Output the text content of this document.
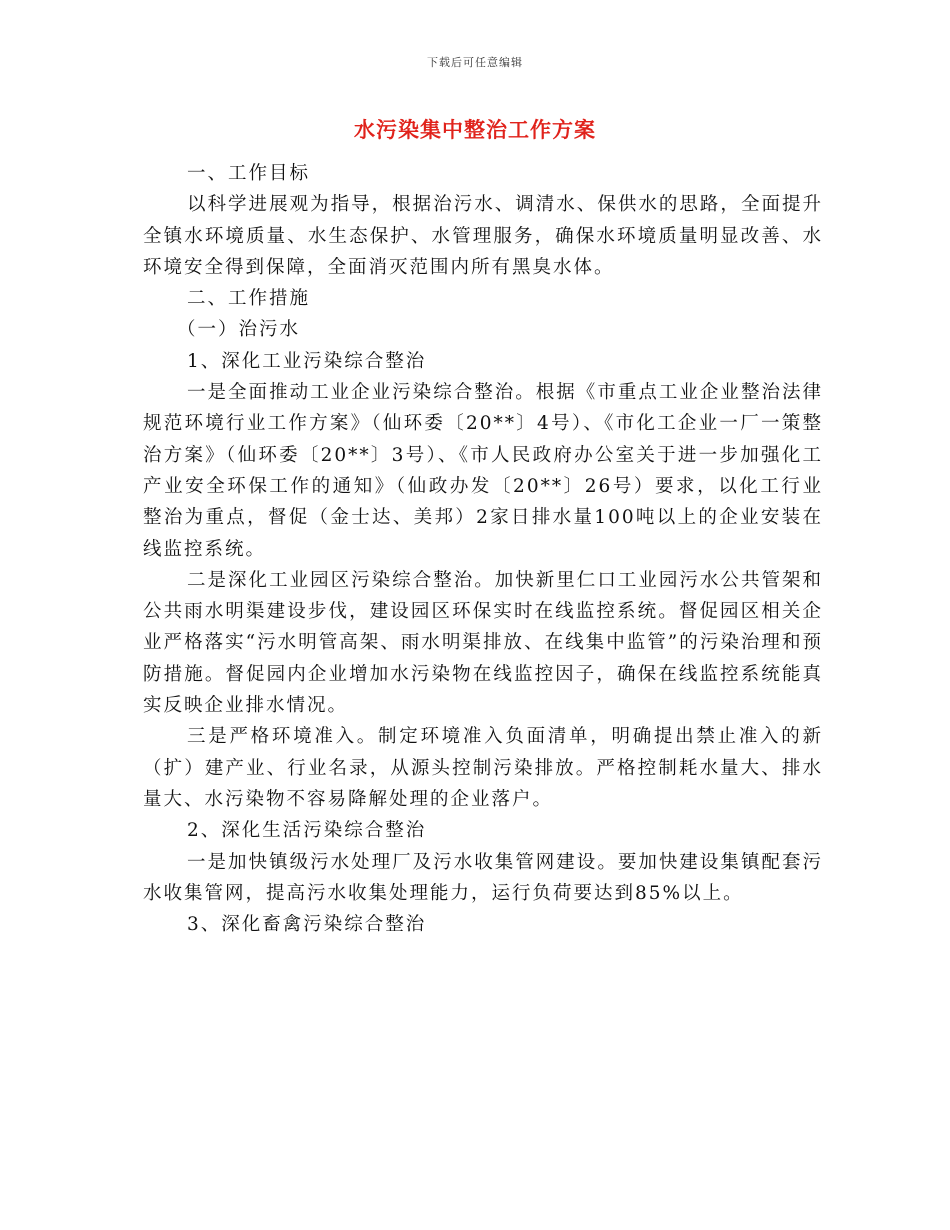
下载后可任意编辑
水污染集中整治工作方案

一、工作目标

以科学进展观为指导，根据治污水、调清水、保供水的思路，全面提升全镇水环境质量、水生态保护、水管理服务，确保水环境质量明显改善、水环境安全得到保障，全面消灭范围内所有黑臭水体。

二、工作措施

（一）治污水

1、深化工业污染综合整治

一是全面推动工业企业污染综合整治。根据《市重点工业企业整治法律规范环境行业工作方案》（仙环委〔20**〕4号）、《市化工企业一厂一策整治方案》（仙环委〔20**〕3号）、《市人民政府办公室关于进一步加强化工产业安全环保工作的通知》（仙政办发〔20**〕26号）要求，以化工行业整治为重点，督促（金士达、美邦）2家日排水量100吨以上的企业安装在线监控系统。

二是深化工业园区污染综合整治。加快新里仁口工业园污水公共管架和公共雨水明渠建设步伐，建设园区环保实时在线监控系统。督促园区相关企业严格落实“污水明管高架、雨水明渠排放、在线集中监管”的污染治理和预防措施。督促园内企业增加水污染物在线监控因子，确保在线监控系统能真实反映企业排水情况。

三是严格环境准入。制定环境准入负面清单，明确提出禁止准入的新（扩）建产业、行业名录，从源头控制污染排放。严格控制耗水量大、排水量大、水污染物不容易降解处理的企业落户。

2、深化生活污染综合整治

一是加快镇级污水处理厂及污水收集管网建设。要加快建设集镇配套污水收集管网，提高污水收集处理能力，运行负荷要达到85%以上。

3、深化畜禽污染综合整治
